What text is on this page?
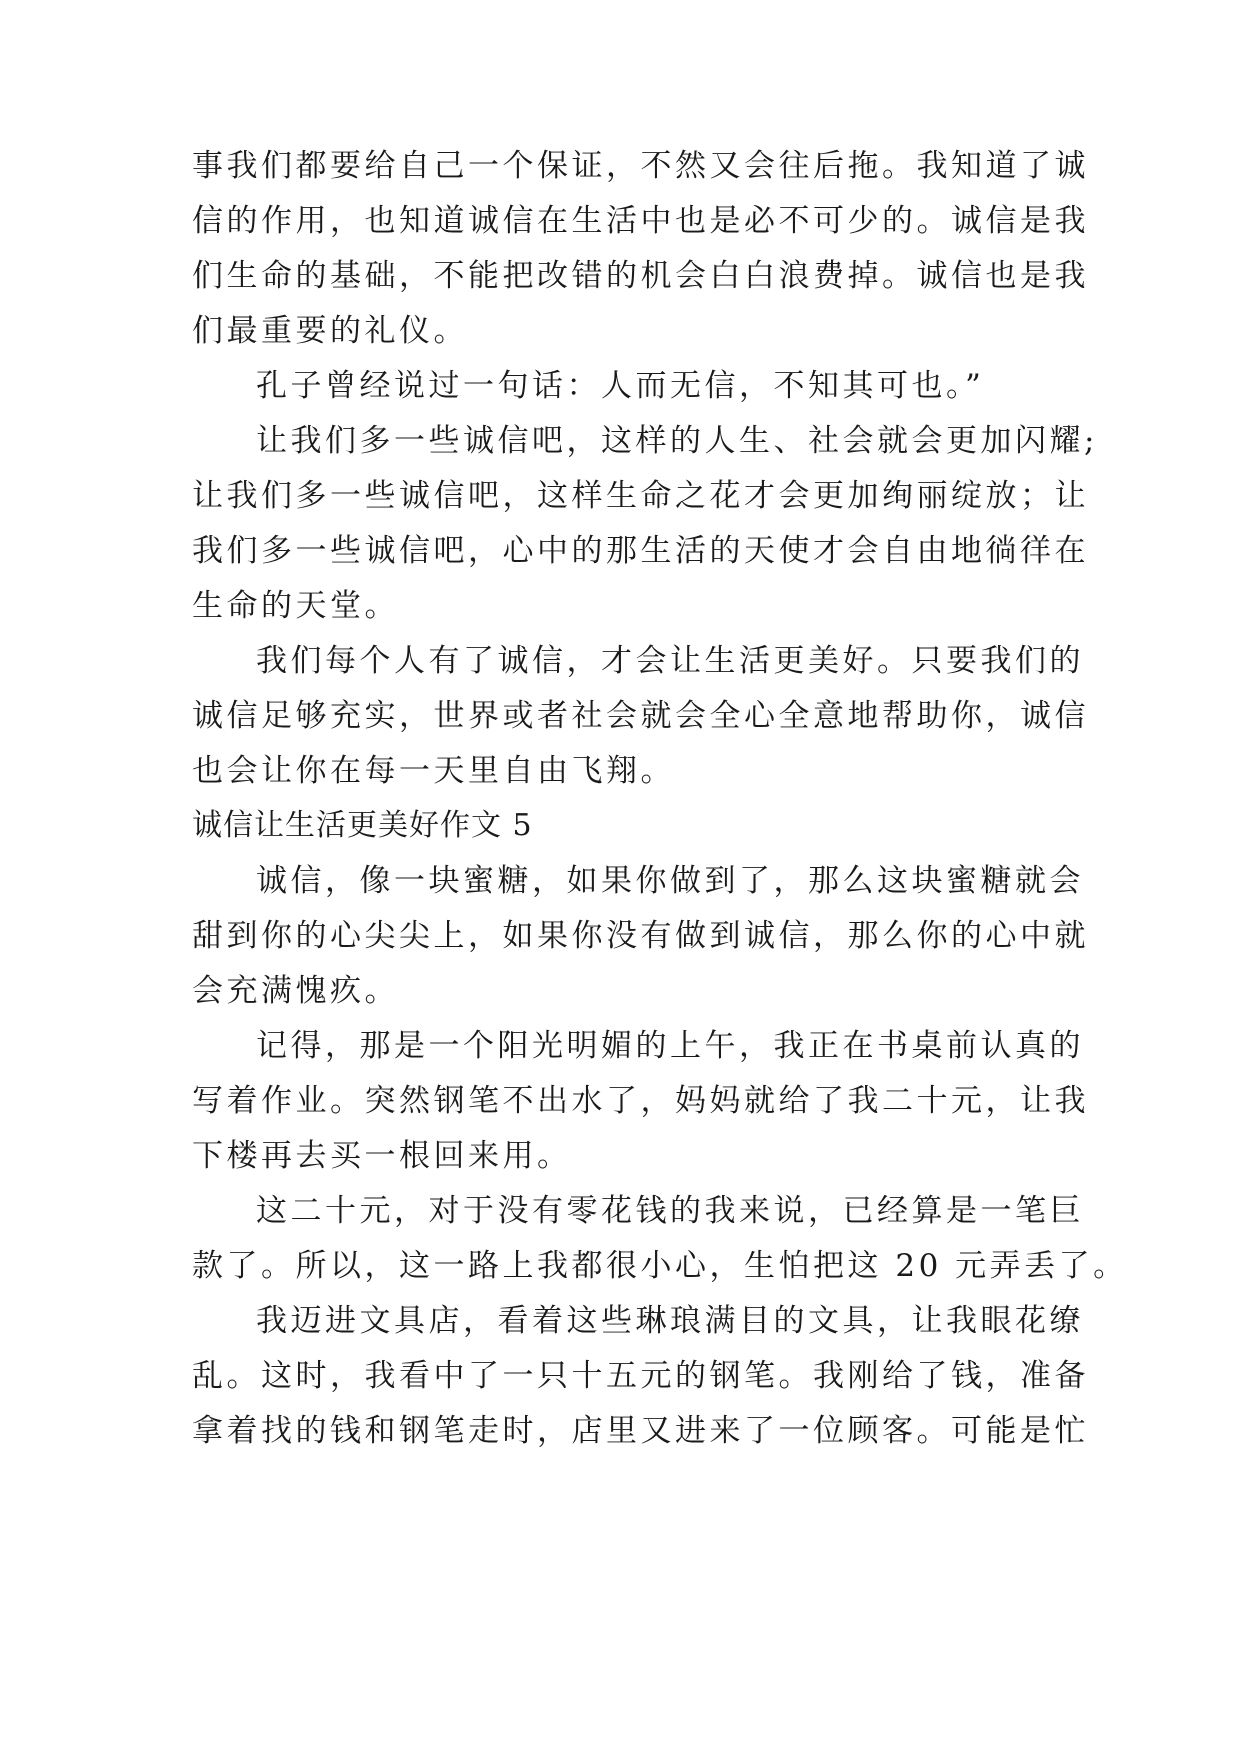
事我们都要给自己一个保证，不然又会往后拖。我知道了诚
信的作用，也知道诚信在生活中也是必不可少的。诚信是我
们生命的基础，不能把改错的机会白白浪费掉。诚信也是我
们最重要的礼仪。
孔子曾经说过一句话：人而无信，不知其可也。”
让我们多一些诚信吧，这样的人生、社会就会更加闪耀;
让我们多一些诚信吧，这样生命之花才会更加绚丽绽放；让
我们多一些诚信吧，心中的那生活的天使才会自由地徜徉在
生命的天堂。
我们每个人有了诚信，才会让生活更美好。只要我们的
诚信足够充实，世界或者社会就会全心全意地帮助你，诚信
也会让你在每一天里自由飞翔。
诚信让生活更美好作文 5
诚信，像一块蜜糖，如果你做到了，那么这块蜜糖就会
甜到你的心尖尖上，如果你没有做到诚信，那么你的心中就
会充满愧疚。
记得，那是一个阳光明媚的上午，我正在书桌前认真的
写着作业。突然钢笔不出水了，妈妈就给了我二十元，让我
下楼再去买一根回来用。
这二十元，对于没有零花钱的我来说，已经算是一笔巨
款了。所以，这一路上我都很小心，生怕把这 20 元弄丢了。
我迈进文具店，看着这些琳琅满目的文具，让我眼花缭
乱。这时，我看中了一只十五元的钢笔。我刚给了钱，准备
拿着找的钱和钢笔走时，店里又进来了一位顾客。可能是忙
